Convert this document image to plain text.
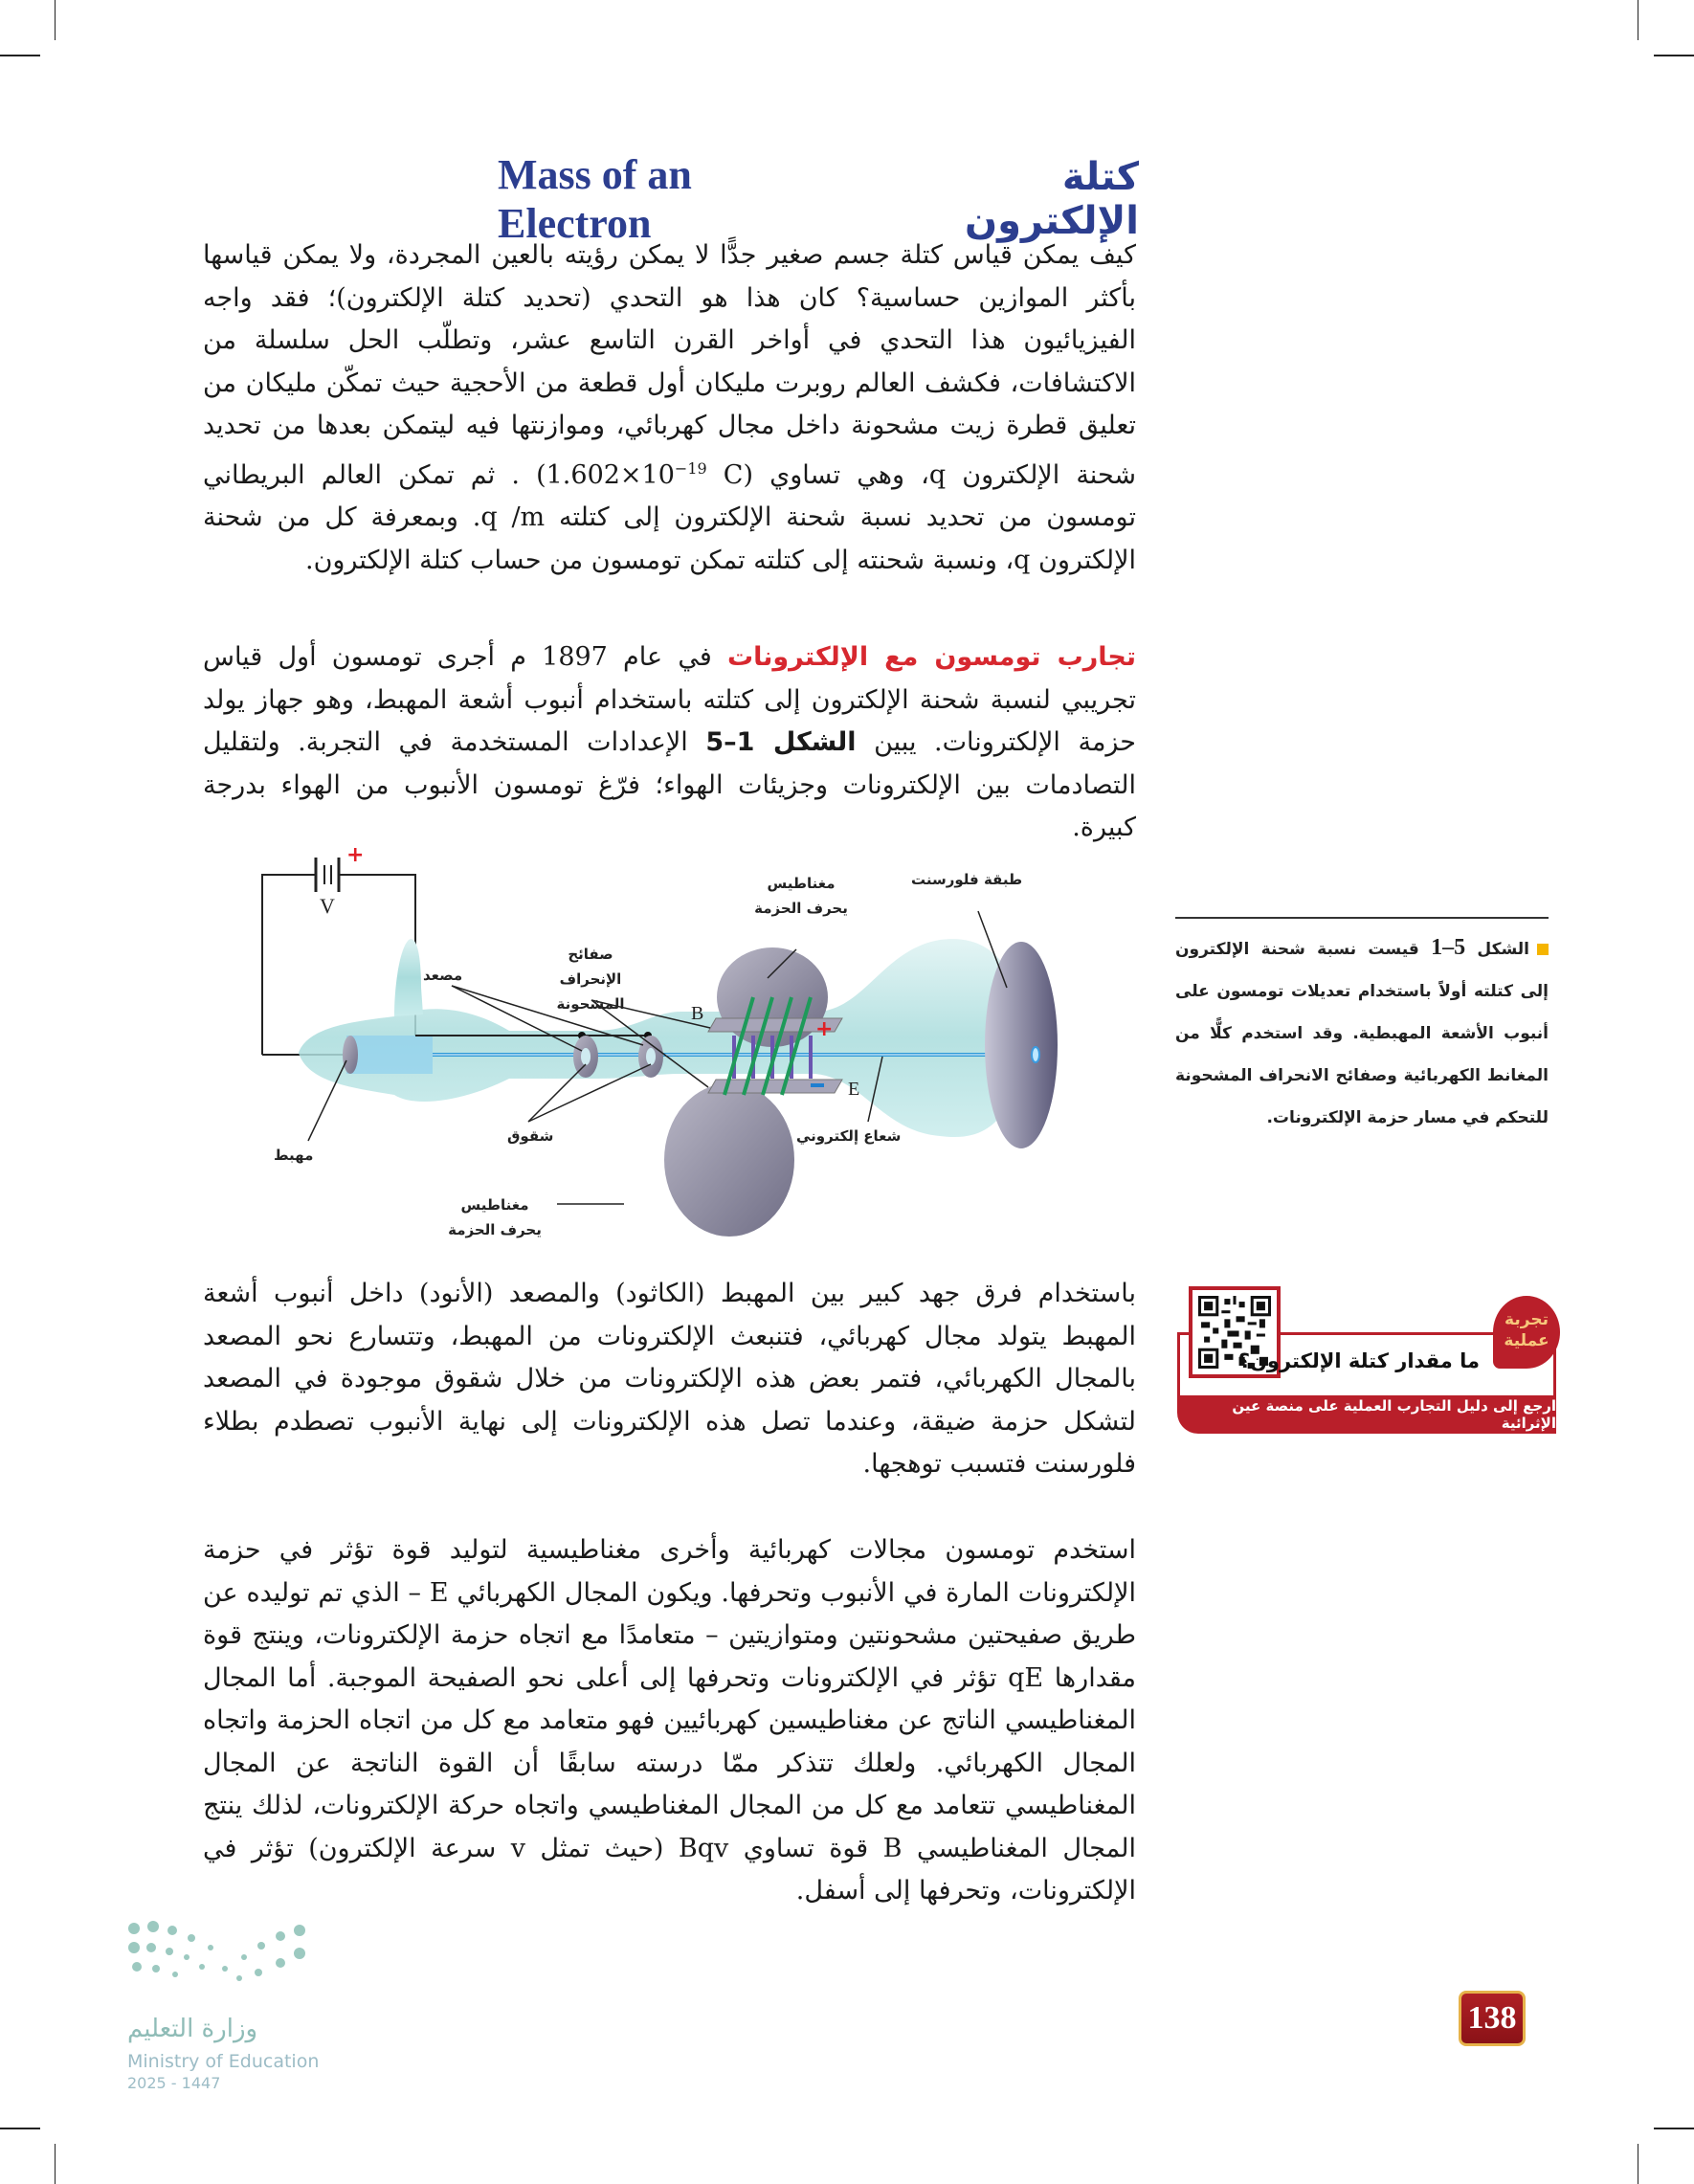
Mass of an Electron
كتلة الإلكترون
كيف يمكن قياس كتلة جسم صغير جدًّا لا يمكن رؤيته بالعين المجردة، ولا يمكن قياسها بأكثر الموازين حساسية؟ كان هذا هو التحدي (تحديد كتلة الإلكترون)؛ فقد واجه الفيزيائيون هذا التحدي في أواخر القرن التاسع عشر، وتطلّب الحل سلسلة من الاكتشافات، فكشف العالم روبرت مليكان أول قطعة من الأحجية حيث تمكّن مليكان من تعليق قطرة زيت مشحونة داخل مجال كهربائي، وموازنتها فيه ليتمكن بعدها من تحديد شحنة الإلكترون q، وهي تساوي ($1.602\times 10^{-19}$ C) . ثم تمكن العالم البريطاني تومسون من تحديد نسبة شحنة الإلكترون إلى كتلته q /m. وبمعرفة كل من شحنة الإلكترون q، ونسبة شحنته إلى كتلته تمكن تومسون من حساب كتلة الإلكترون.
تجارب تومسون مع الإلكترونات في عام 1897 م أجرى تومسون أول قياس تجريبي لنسبة شحنة الإلكترون إلى كتلته باستخدام أنبوب أشعة المهبط، وهو جهاز يولد حزمة الإلكترونات. يبين الشكل 1–5 الإعدادات المستخدمة في التجربة. ولتقليل التصادمات بين الإلكترونات وجزيئات الهواء؛ فرّغ تومسون الأنبوب من الهواء بدرجة كبيرة.
+
V
+
B
E
مهبط
مصعد
شقوق
صفائح الإنحراف المشحونة
مغناطيس يحرف الحزمة
مغناطيس يحرف الحزمة
طبقة فلورسنت
شعاع إلكتروني
الشكل 1–5 قيست نسبة شحنة الإلكترون إلى كتلته أولاً باستخدام تعديلات تومسون على أنبوب الأشعة المهبطية. وقد استخدم كلًّا من المغانط الكهربائية وصفائح الانحراف المشحونة للتحكم في مسار حزمة الإلكترونات.
باستخدام فرق جهد كبير بين المهبط (الكاثود) والمصعد (الأنود) داخل أنبوب أشعة المهبط يتولد مجال كهربائي، فتنبعث الإلكترونات من المهبط، وتتسارع نحو المصعد بالمجال الكهربائي، فتمر بعض هذه الإلكترونات من خلال شقوق موجودة في المصعد لتشكل حزمة ضيقة، وعندما تصل هذه الإلكترونات إلى نهاية الأنبوب تصطدم بطلاء فلورسنت فتسبب توهجها.
استخدم تومسون مجالات كهربائية وأخرى مغناطيسية لتوليد قوة تؤثر في حزمة الإلكترونات المارة في الأنبوب وتحرفها. ويكون المجال الكهربائي E – الذي تم توليده عن طريق صفيحتين مشحونتين ومتوازيتين – متعامدًا مع اتجاه حزمة الإلكترونات، وينتج قوة مقدارها qE تؤثر في الإلكترونات وتحرفها إلى أعلى نحو الصفيحة الموجبة. أما المجال المغناطيسي الناتج عن مغناطيسين كهربائيين فهو متعامد مع كل من اتجاه الحزمة واتجاه المجال الكهربائي. ولعلك تتذكر ممّا درسته سابقًا أن القوة الناتجة عن المجال المغناطيسي تتعامد مع كل من المجال المغناطيسي واتجاه حركة الإلكترونات، لذلك ينتج المجال المغناطيسي B قوة تساوي Bqv (حيث تمثل v سرعة الإلكترون) تؤثر في الإلكترونات، وتحرفها إلى أسفل.
تجربة عملية
ما مقدار كتلة الإلكترون؟
ارجع إلى دليل التجارب العملية على منصة عين الإثرائية
وزارة التعليم
Ministry of Education
2025 - 1447
138
